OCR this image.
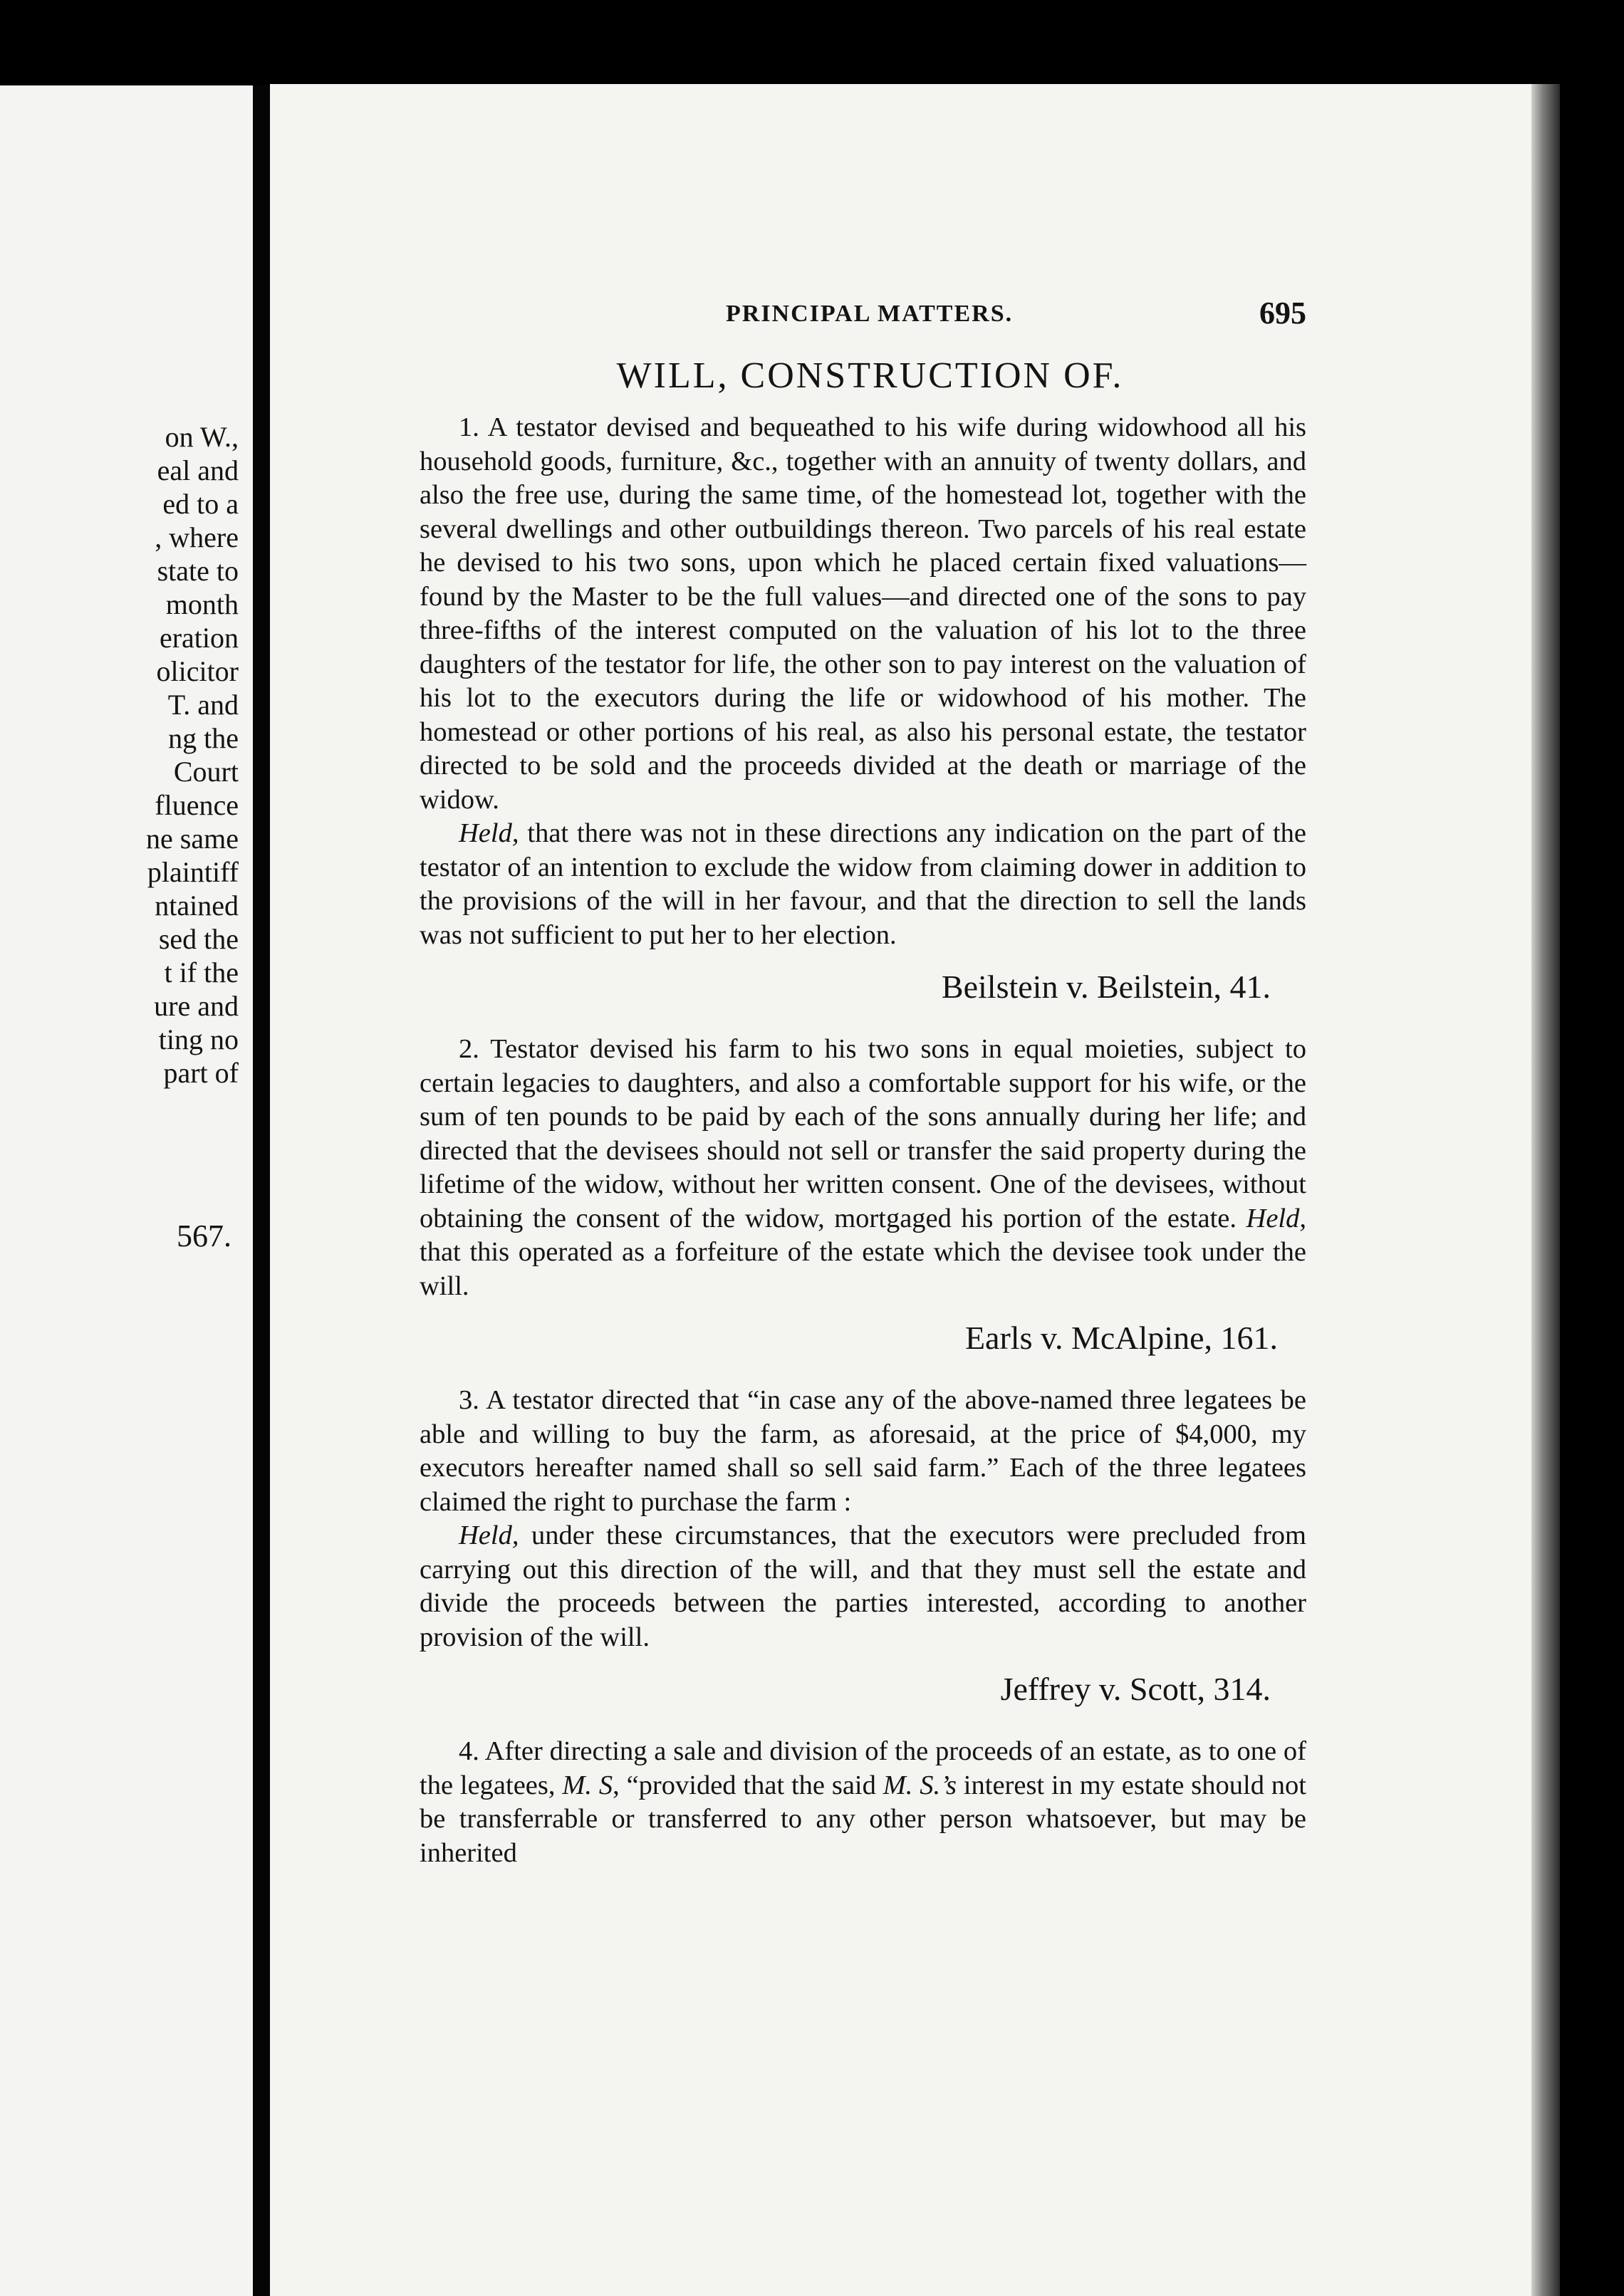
on W.,
eal and
ed to a
, where
state to
month
eration
olicitor
T. and
ng the
Court
fluence
ne same
plaintiff
ntained
sed the
t if the
ure and
ting no
part of
567.
PRINCIPAL MATTERS.	695
WILL, CONSTRUCTION OF.

1. A testator devised and bequeathed to his wife during widowhood all his household goods, furniture, &c., together with an annuity of twenty dollars, and also the free use, during the same time, of the homestead lot, together with the several dwellings and other outbuildings thereon. Two parcels of his real estate he devised to his two sons, upon which he placed certain fixed valuations—found by the Master to be the full values—and directed one of the sons to pay three-fifths of the interest computed on the valuation of his lot to the three daughters of the testator for life, the other son to pay interest on the valuation of his lot to the executors during the life or widowhood of his mother. The homestead or other portions of his real, as also his personal estate, the testator directed to be sold and the proceeds divided at the death or marriage of the widow.

Held, that there was not in these directions any indication on the part of the testator of an intention to exclude the widow from claiming dower in addition to the provisions of the will in her favour, and that the direction to sell the lands was not sufficient to put her to her election.

Beilstein v. Beilstein, 41.

2. Testator devised his farm to his two sons in equal moieties, subject to certain legacies to daughters, and also a comfortable support for his wife, or the sum of ten pounds to be paid by each of the sons annually during her life; and directed that the devisees should not sell or transfer the said property during the lifetime of the widow, without her written consent. One of the devisees, without obtaining the consent of the widow, mortgaged his portion of the estate. Held, that this operated as a forfeiture of the estate which the devisee took under the will.

Earls v. McAlpine, 161.

3. A testator directed that “in case any of the above-named three legatees be able and willing to buy the farm, as aforesaid, at the price of $4,000, my executors hereafter named shall so sell said farm.” Each of the three legatees claimed the right to purchase the farm :

Held, under these circumstances, that the executors were precluded from carrying out this direction of the will, and that they must sell the estate and divide the proceeds between the parties interested, according to another provision of the will.

Jeffrey v. Scott, 314.

4. After directing a sale and division of the proceeds of an estate, as to one of the legatees, M. S, “provided that the said M. S.’s interest in my estate should not be transferrable or transferred to any other person whatsoever, but may be inherited
